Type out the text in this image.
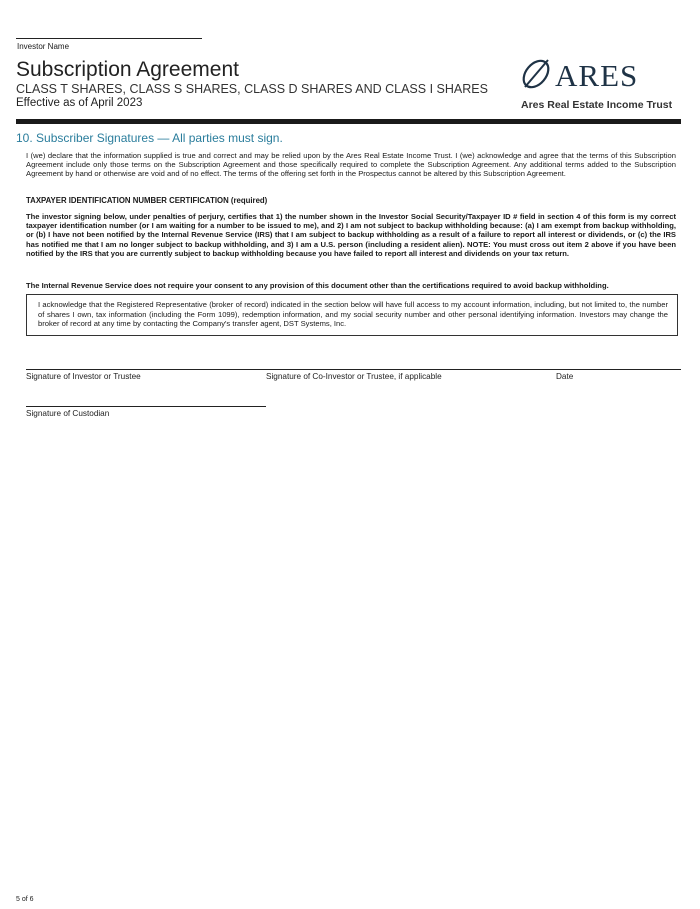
Investor Name
Subscription Agreement
CLASS T SHARES, CLASS S SHARES, CLASS D SHARES AND CLASS I SHARES
Effective as of April 2023
ARES
Ares Real Estate Income Trust
10. Subscriber Signatures — All parties must sign.
I (we) declare that the information supplied is true and correct and may be relied upon by the Ares Real Estate Income Trust. I (we) acknowledge and agree that the terms of this Subscription Agreement include only those terms on the Subscription Agreement and those specifically required to complete the Subscription Agreement. Any additional terms added to the Subscription Agreement by hand or otherwise are void and of no effect. The terms of the offering set forth in the Prospectus cannot be altered by this Subscription Agreement.
TAXPAYER IDENTIFICATION NUMBER CERTIFICATION (required)
The investor signing below, under penalties of perjury, certifies that 1) the number shown in the Investor Social Security/Taxpayer ID # field in section 4 of this form is my correct taxpayer identification number (or I am waiting for a number to be issued to me), and 2) I am not subject to backup withholding because: (a) I am exempt from backup withholding, or (b) I have not been notified by the Internal Revenue Service (IRS) that I am subject to backup withholding as a result of a failure to report all interest or dividends, or (c) the IRS has notified me that I am no longer subject to backup withholding, and 3) I am a U.S. person (including a resident alien). NOTE: You must cross out item 2 above if you have been notified by the IRS that you are currently subject to backup withholding because you have failed to report all interest and dividends on your tax return.
The Internal Revenue Service does not require your consent to any provision of this document other than the certifications required to avoid backup withholding.
I acknowledge that the Registered Representative (broker of record) indicated in the section below will have full access to my account information, including, but not limited to, the number of shares I own, tax information (including the Form 1099), redemption information, and my social security number and other personal identifying information. Investors may change the broker of record at any time by contacting the Company's transfer agent, DST Systems, Inc.
Signature of Investor or Trustee	Signature of Co-Investor or Trustee, if applicable	Date
Signature of Custodian
5 of 6
